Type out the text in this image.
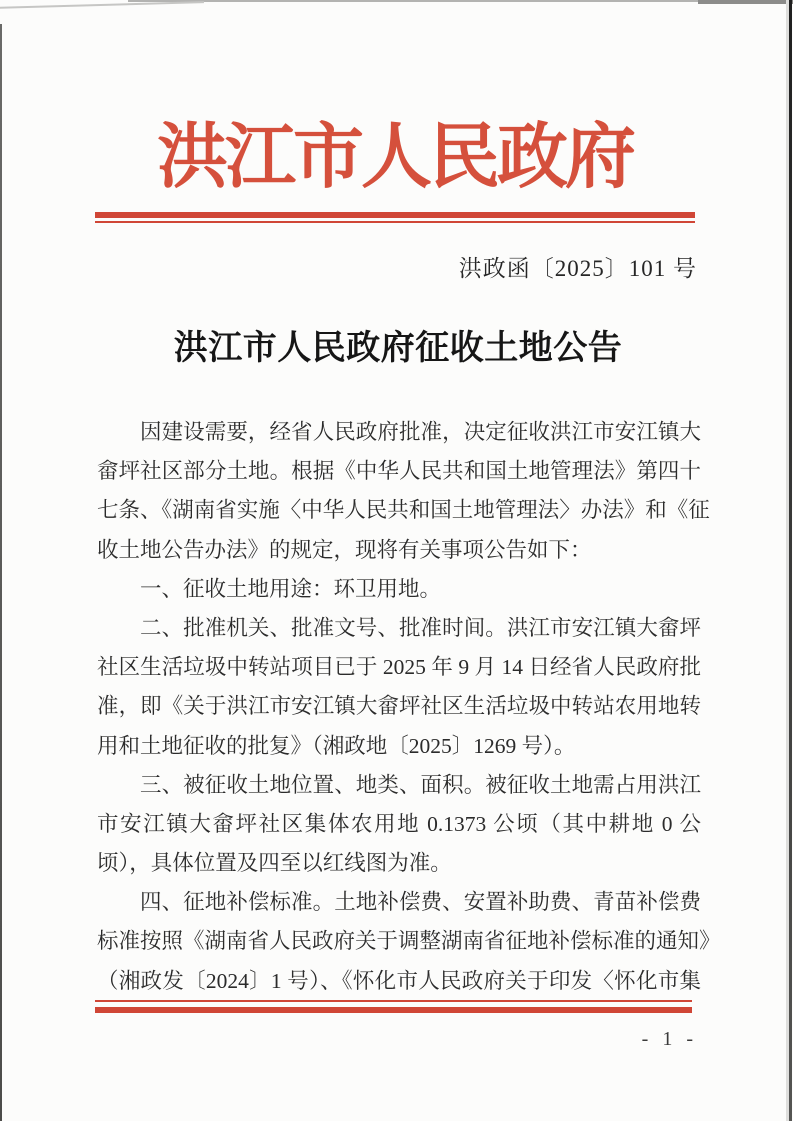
洪江市人民政府
洪政函〔2025〕101 号
洪江市人民政府征收土地公告
因建设需要，经省人民政府批准，决定征收洪江市安江镇大
畲坪社区部分土地。根据《中华人民共和国土地管理法》第四十
七条、《湖南省实施〈中华人民共和国土地管理法〉办法》和《征
收土地公告办法》的规定，现将有关事项公告如下：
一、征收土地用途：环卫用地。
二、批准机关、批准文号、批准时间。洪江市安江镇大畲坪
社区生活垃圾中转站项目已于 2025 年 9 月 14 日经省人民政府批
准，即《关于洪江市安江镇大畲坪社区生活垃圾中转站农用地转
用和土地征收的批复》（湘政地〔2025〕1269 号）。
三、被征收土地位置、地类、面积。被征收土地需占用洪江
市安江镇大畲坪社区集体农用地 0.1373 公顷（其中耕地 0 公
顷），具体位置及四至以红线图为准。
四、征地补偿标准。土地补偿费、安置补助费、青苗补偿费
标准按照《湖南省人民政府关于调整湖南省征地补偿标准的通知》
（湘政发〔2024〕1 号）、《怀化市人民政府关于印发〈怀化市集
- 1 -
